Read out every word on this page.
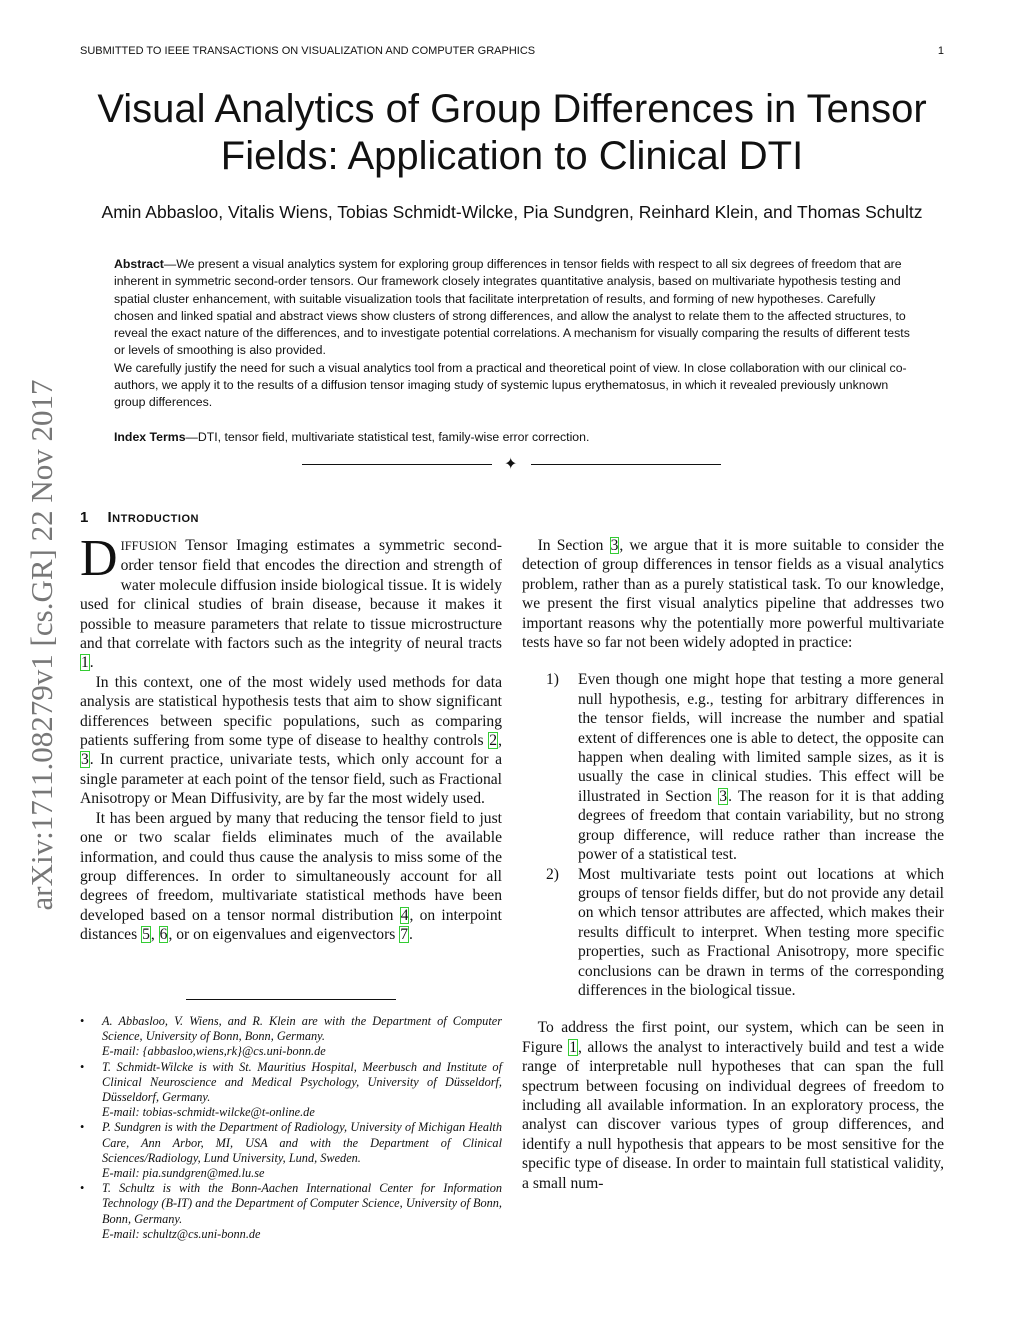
SUBMITTED TO IEEE TRANSACTIONS ON VISUALIZATION AND COMPUTER GRAPHICS	1
Visual Analytics of Group Differences in Tensor Fields: Application to Clinical DTI
Amin Abbasloo, Vitalis Wiens, Tobias Schmidt-Wilcke, Pia Sundgren, Reinhard Klein, and Thomas Schultz
Abstract—We present a visual analytics system for exploring group differences in tensor fields with respect to all six degrees of freedom that are inherent in symmetric second-order tensors. Our framework closely integrates quantitative analysis, based on multivariate hypothesis testing and spatial cluster enhancement, with suitable visualization tools that facilitate interpretation of results, and forming of new hypotheses. Carefully chosen and linked spatial and abstract views show clusters of strong differences, and allow the analyst to relate them to the affected structures, to reveal the exact nature of the differences, and to investigate potential correlations. A mechanism for visually comparing the results of different tests or levels of smoothing is also provided.
We carefully justify the need for such a visual analytics tool from a practical and theoretical point of view. In close collaboration with our clinical co-authors, we apply it to the results of a diffusion tensor imaging study of systemic lupus erythematosus, in which it revealed previously unknown group differences.
Index Terms—DTI, tensor field, multivariate statistical test, family-wise error correction.
✦
arXiv:1711.08279v1 [cs.GR] 22 Nov 2017 1 Introduction

DIFFUSION Tensor Imaging estimates a symmetric second-order tensor field that encodes the direction and strength of water molecule diffusion inside biological tissue. It is widely used for clinical studies of brain disease, because it makes it possible to measure parameters that relate to tissue microstructure and that correlate with factors such as the integrity of neural tracts 1.

In this context, one of the most widely used methods for data analysis are statistical hypothesis tests that aim to show significant differences between specific populations, such as comparing patients suffering from some type of disease to healthy controls 2, 3. In current practice, univariate tests, which only account for a single parameter at each point of the tensor field, such as Fractional Anisotropy or Mean Diffusivity, are by far the most widely used.

It has been argued by many that reducing the tensor field to just one or two scalar fields eliminates much of the available information, and could thus cause the analysis to miss some of the group differences. In order to simultaneously account for all degrees of freedom, multivariate statistical methods have been developed based on a tensor normal distribution 4, on interpoint distances 5, 6, or on eigenvalues and eigenvectors 7.

• A. Abbasloo, V. Wiens, and R. Klein are with the Department of Computer Science, University of Bonn, Bonn, Germany.
E-mail: {abbasloo,wiens,rk}@cs.uni-bonn.de
• T. Schmidt-Wilcke is with St. Mauritius Hospital, Meerbusch and Institute of Clinical Neuroscience and Medical Psychology, University of Düsseldorf, Düsseldorf, Germany.
E-mail: tobias-schmidt-wilcke@t-online.de
• P. Sundgren is with the Department of Radiology, University of Michigan Health Care, Ann Arbor, MI, USA and with the Department of Clinical Sciences/Radiology, Lund University, Lund, Sweden.
E-mail: pia.sundgren@med.lu.se
• T. Schultz is with the Bonn-Aachen International Center for Information Technology (B-IT) and the Department of Computer Science, University of Bonn, Bonn, Germany.
E-mail: schultz@cs.uni-bonn.de

In Section 3, we argue that it is more suitable to consider the detection of group differences in tensor fields as a visual analytics problem, rather than as a purely statistical task. To our knowledge, we present the first visual analytics pipeline that addresses two important reasons why the potentially more powerful multivariate tests have so far not been widely adopted in practice:

1) Even though one might hope that testing a more general null hypothesis, e.g., testing for arbitrary differences in the tensor fields, will increase the number and spatial extent of differences one is able to detect, the opposite can happen when dealing with limited sample sizes, as it is usually the case in clinical studies. This effect will be illustrated in Section 3. The reason for it is that adding degrees of freedom that contain variability, but no strong group difference, will reduce rather than increase the power of a statistical test.
2) Most multivariate tests point out locations at which groups of tensor fields differ, but do not provide any detail on which tensor attributes are affected, which makes their results difficult to interpret. When testing more specific properties, such as Fractional Anisotropy, more specific conclusions can be drawn in terms of the corresponding differences in the biological tissue.

To address the first point, our system, which can be seen in Figure 1, allows the analyst to interactively build and test a wide range of interpretable null hypotheses that can span the full spectrum between focusing on individual degrees of freedom to including all available information. In an exploratory process, the analyst can discover various types of group differences, and identify a null hypothesis that appears to be most sensitive for the specific type of disease. In order to maintain full statistical validity, a small num-
